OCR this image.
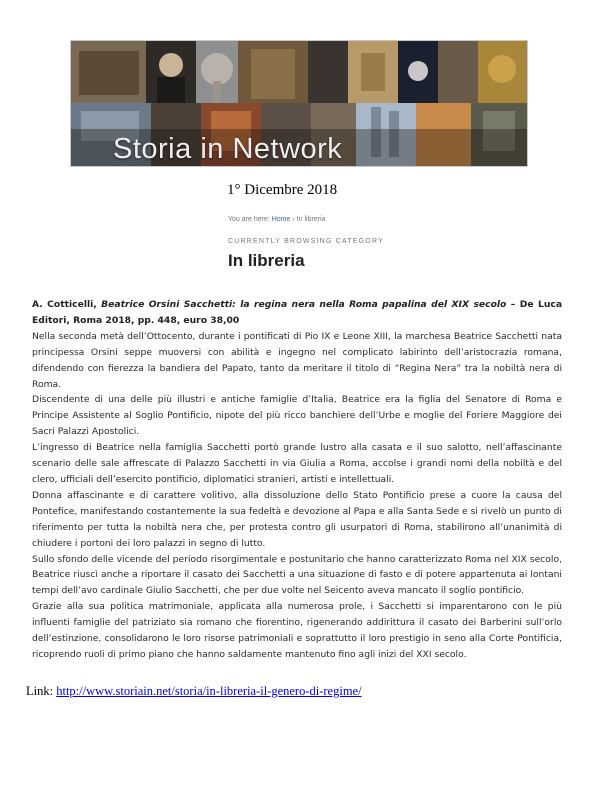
Storia in Network
1° Dicembre 2018
You are here: Home › In libreria
CURRENTLY BROWSING CATEGORY
In libreria

A. Cotticelli, Beatrice Orsini Sacchetti: la regina nera nella Roma papalina del XIX secolo – De Luca Editori, Roma 2018, pp. 448, euro 38,00

Nella seconda metà dell’Ottocento, durante i pontificati di Pio IX e Leone XIII, la marchesa Beatrice Sacchetti nata principessa Orsini seppe muoversi con abilità e ingegno nel complicato labirinto dell’aristocrazia romana, difendendo con fierezza la bandiera del Papato, tanto da meritare il titolo di “Regina Nera” tra la nobiltà nera di Roma.

Discendente di una delle più illustri e antiche famiglie d’Italia, Beatrice era la figlia del Senatore di Roma e Principe Assistente al Soglio Pontificio, nipote del più ricco banchiere dell’Urbe e moglie del Foriere Maggiore dei Sacri Palazzi Apostolici.

L’ingresso di Beatrice nella famiglia Sacchetti portò grande lustro alla casata e il suo salotto, nell’affascinante scenario delle sale affrescate di Palazzo Sacchetti in via Giulia a Roma, accolse i grandi nomi della nobiltà e del clero, ufficiali dell’esercito pontificio, diplomatici stranieri, artisti e intellettuali.

Donna affascinante e di carattere volitivo, alla dissoluzione dello Stato Pontificio prese a cuore la causa del Pontefice, manifestando costantemente la sua fedeltà e devozione al Papa e alla Santa Sede e si rivelò un punto di riferimento per tutta la nobiltà nera che, per protesta contro gli usurpatori di Roma, stabilirono all’unanimità di chiudere i portoni dei loro palazzi in segno di lutto.

Sullo sfondo delle vicende del periodo risorgimentale e postunitario che hanno caratterizzato Roma nel XIX secolo, Beatrice riuscì anche a riportare il casato dei Sacchetti a una situazione di fasto e di potere appartenuta ai lontani tempi dell’avo cardinale Giulio Sacchetti, che per due volte nel Seicento aveva mancato il soglio pontificio.

Grazie alla sua politica matrimoniale, applicata alla numerosa prole, i Sacchetti si imparentarono con le più influenti famiglie del patriziato sia romano che fiorentino, rigenerando addirittura il casato dei Barberini sull’orlo dell’estinzione, consolidarono le loro risorse patrimoniali e soprattutto il loro prestigio in seno alla Corte Pontificia, ricoprendo ruoli di primo piano che hanno saldamente mantenuto fino agli inizi del XXI secolo.

Link: http://www.storiain.net/storia/in-libreria-il-genero-di-regime/
